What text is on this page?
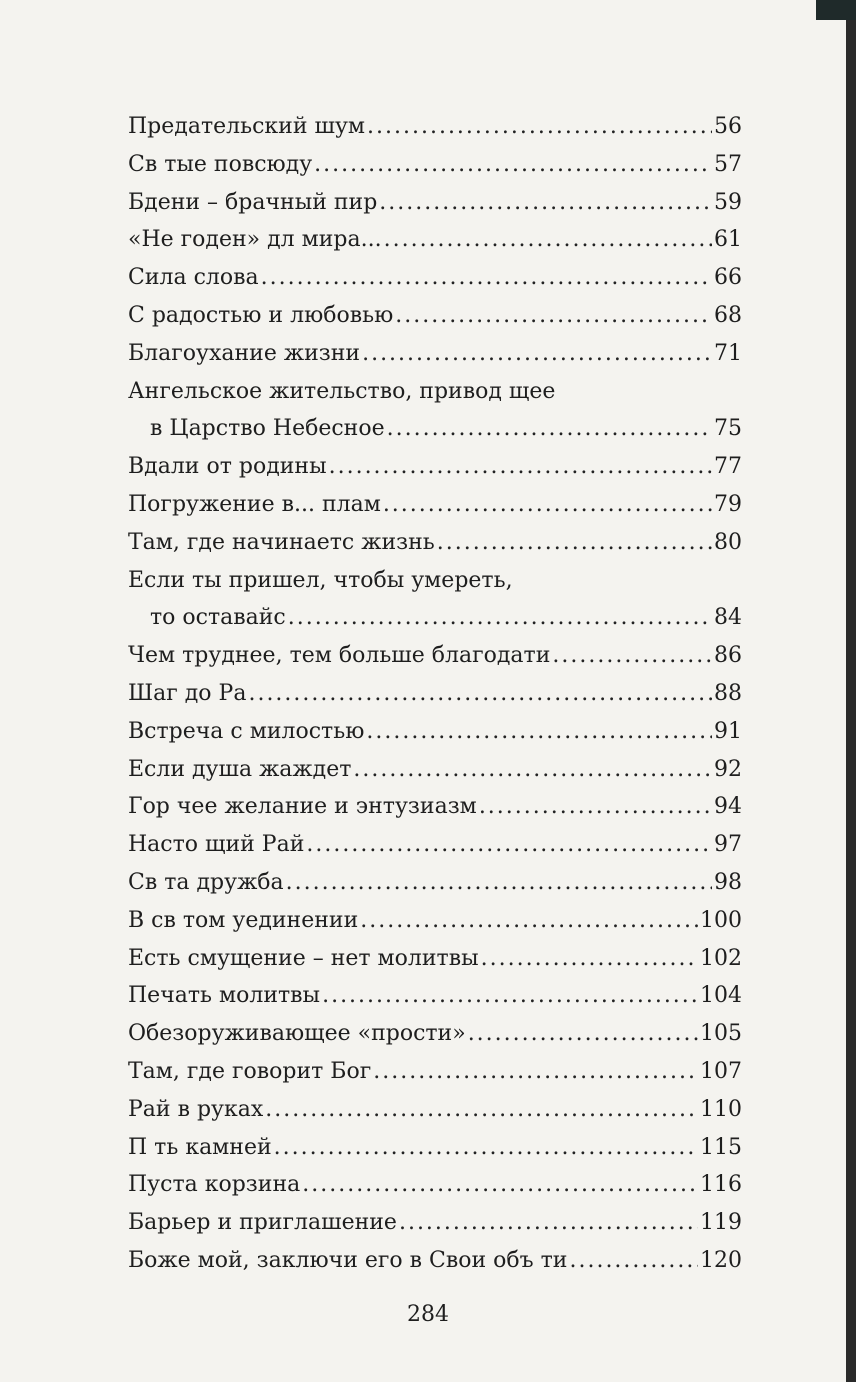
Предательский шум .....	56
Св тые повсюду .....	57
Бдени – брачный пир .....	59
«Не годен» дл мира... .....	61
Сила слова .....	66
С радостью и любовью .....	68
Благоухание жизни .....	71
Ангельское жительство, привод щее
в Царство Небесное .....	75
Вдали от родины .....	77
Погружение в... плам .....	79
Там, где начинаетс жизнь .....	80
Если ты пришел, чтобы умереть,
то оставайс .....	84
Чем труднее, тем больше благодати .....	86
Шаг до Ра .....	88
Встреча с милостью .....	91
Если душа жаждет .....	92
Гор чее желание и энтузиазм .....	94
Насто щий Рай .....	97
Св та дружба .....	98
В св том уединении .....	100
Есть смущение – нет молитвы .....	102
Печать молитвы .....	104
Обезоруживающее «прости» .....	105
Там, где говорит Бог .....	107
Рай в руках .....	110
П ть камней .....	115
Пуста корзина .....	116
Барьер и приглашение .....	119
Боже мой, заключи его в Свои объ ти .....	120
284
